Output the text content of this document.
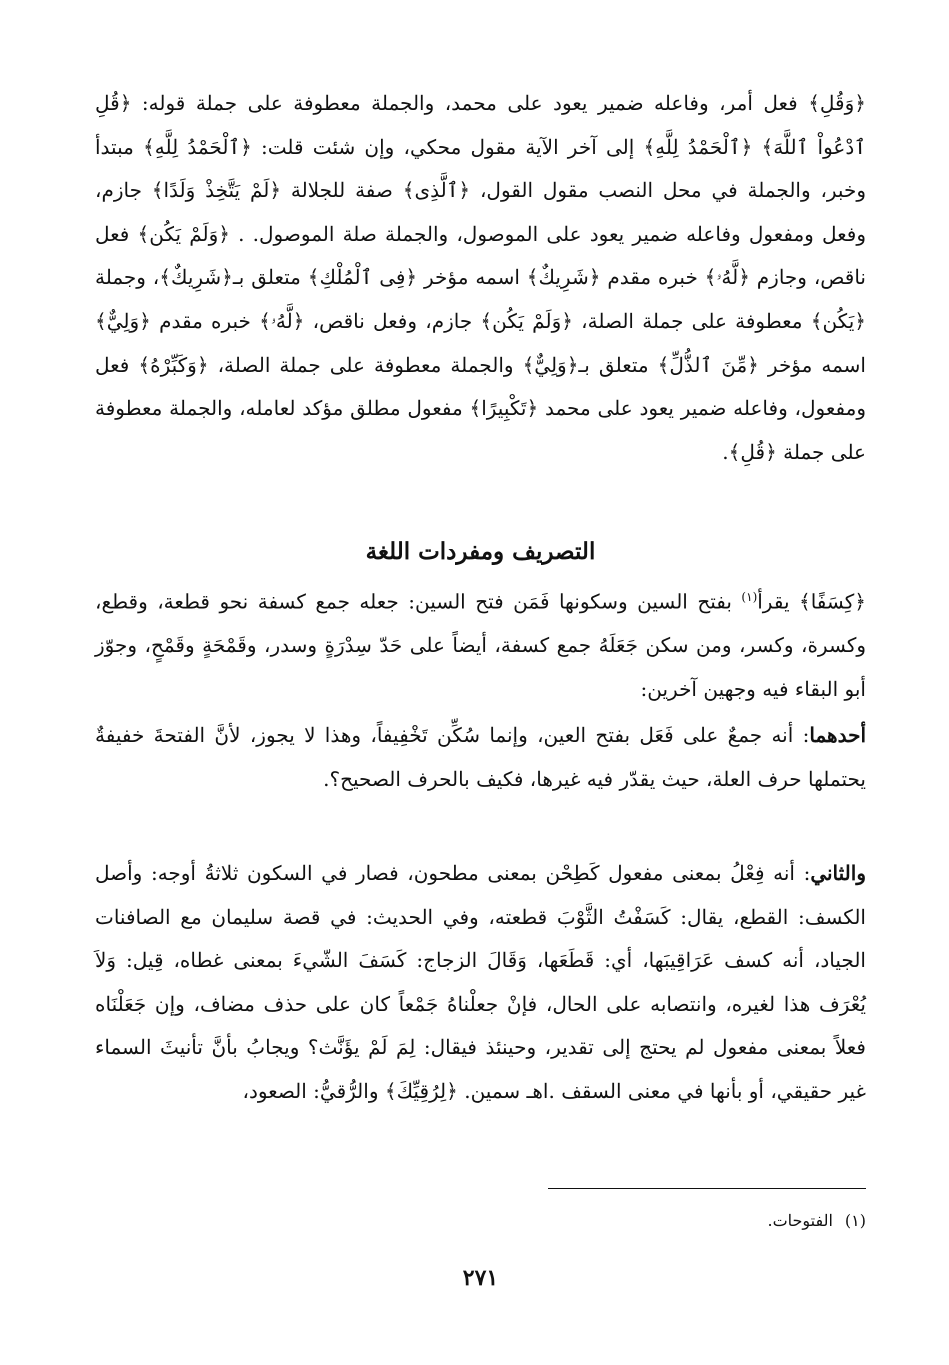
﴿وَقُلِ﴾ فعل أمر، وفاعله ضمير يعود على محمد، والجملة معطوفة على جملة قوله: ﴿قُلِ ٱدْعُواْ ٱللَّهَ﴾ ﴿ٱلْحَمْدُ لِلَّهِ﴾ إلى آخر الآية مقول محكي، وإن شئت قلت: ﴿ٱلْحَمْدُ لِلَّهِ﴾ مبتدأ وخبر، والجملة في محل النصب مقول القول، ﴿ٱلَّذِى﴾ صفة للجلالة ﴿لَمْ يَتَّخِذْ وَلَدًا﴾ جازم، وفعل ومفعول وفاعله ضمير يعود على الموصول، والجملة صلة الموصول. . ﴿وَلَمْ يَكُن﴾ فعل ناقص، وجازم ﴿لَّهُۥ﴾ خبره مقدم ﴿شَرِيكٌ﴾ اسمه مؤخر ﴿فِى ٱلْمُلْكِ﴾ متعلق بـ﴿شَرِيكٌ﴾، وجملة ﴿يَكُن﴾ معطوفة على جملة الصلة، ﴿وَلَمْ يَكُن﴾ جازم، وفعل ناقص، ﴿لَّهُۥ﴾ خبره مقدم ﴿وَلِيٌّ﴾ اسمه مؤخر ﴿مِّنَ ٱلذُّلِّ﴾ متعلق بـ﴿وَلِيٌّ﴾ والجملة معطوفة على جملة الصلة، ﴿وَكَبِّرْهُ﴾ فعل ومفعول، وفاعله ضمير يعود على محمد ﴿تَكْبِيرًا﴾ مفعول مطلق مؤكد لعامله، والجملة معطوفة على جملة ﴿قُلِ﴾.

التصريف ومفردات اللغة

﴿كِسَفًا﴾ يقرأ$^{(١)}$ بفتح السين وسكونها فَمَن فتح السين: جعله جمع كسفة نحو قطعة، وقطع، وكسرة، وكسر، ومن سكن جَعَلَهُ جمع كسفة، أيضاً على حَدّ سِدْرَةٍ وسدر، وقَمْحَةٍ وقَمْحٍ، وجوّز أبو البقاء فيه وجهين آخرين:

أحدهما: أنه جمعٌ على فَعَل بفتح العين، وإنما سُكِّن تَخْفِيفاً، وهذا لا يجوز، لأنَّ الفتحةَ خفيفةٌ يحتملها حرف العلة، حيث يقدّر فيه غيرها، فكيف بالحرف الصحيح؟.

والثاني: أنه فِعْلُ بمعنى مفعول كَطِحْن بمعنى مطحون، فصار في السكون ثلاثةُ أوجه: وأصل الكسف: القطع، يقال: كَسَفْتُ الثَّوْبَ قطعته، وفي الحديث: في قصة سليمان مع الصافنات الجياد، أنه كسف عَرَاقِيبَها، أي: قَطَعَها، وَقَالَ الزجاج: كَسَفَ الشّيءَ بمعنى غطاه، قِيل: وَلاَ يُعْرَف هذا لغيره، وانتصابه على الحال، فإنْ جعلْناهُ جَمْعاً كان على حذف مضاف، وإن جَعَلْنَاه فعلاً بمعنى مفعول لم يحتج إلى تقدير، وحينئذ فيقال: لِمَ لَمْ يؤَنَّث؟ ويجابُ بأنَّ تأنيثَ السماء غير حقيقي، أو بأنها في معنى السقف .اهـ سمين. ﴿لِرُقِيِّكَ﴾ والرُّقيُّ: الصعود،

(١)الفتوحات.
٢٧١
